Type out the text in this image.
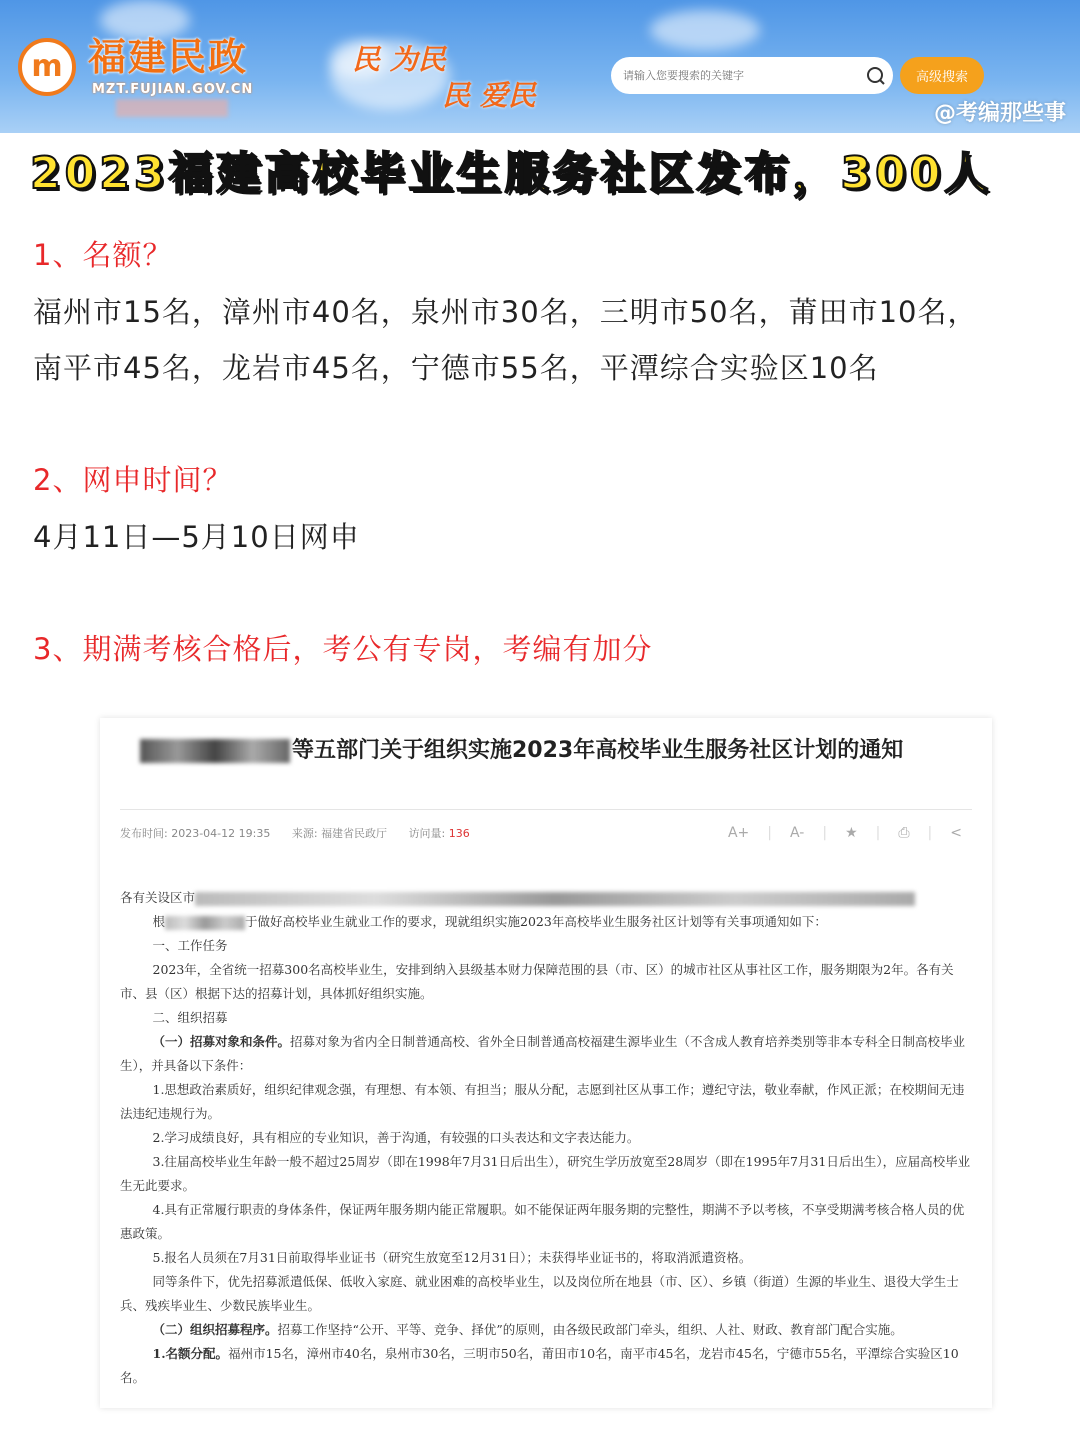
m 福建民政
MZT.FUJIAN.GOV.CN
民 为民
民 爱民
请输入您要搜索的关键字
高级搜索
@考编那些事
2023福建高校毕业生服务社区发布，300人
1、名额？
福州市15名，漳州市40名，泉州市30名，三明市50名，莆田市10名，
南平市45名，龙岩市45名，宁德市55名，平潭综合实验区10名
2、网申时间？
4月11日—5月10日网申
3、期满考核合格后，考公有专岗，考编有加分
等五部门关于组织实施2023年高校毕业生服务社区计划的通知
发布时间: 2023-04-12 19:35 来源: 福建省民政厅 访问量: 136	A+ | A- | ★ | ⎙ | <

各有关设区市

根	于做好高校毕业生就业工作的要求，现就组织实施2023年高校毕业生服务社区计划等有关事项通知如下：

一、工作任务

2023年，全省统一招募300名高校毕业生，安排到纳入县级基本财力保障范围的县（市、区）的城市社区从事社区工作，服务期限为2年。各有关市、县（区）根据下达的招募计划，具体抓好组织实施。

二、组织招募

（一）招募对象和条件。招募对象为省内全日制普通高校、省外全日制普通高校福建生源毕业生（不含成人教育培养类别等非本专科全日制高校毕业生），并具备以下条件：

1.思想政治素质好，组织纪律观念强，有理想、有本领、有担当；服从分配，志愿到社区从事工作；遵纪守法，敬业奉献，作风正派；在校期间无违法违纪违规行为。

2.学习成绩良好，具有相应的专业知识，善于沟通，有较强的口头表达和文字表达能力。

3.往届高校毕业生年龄一般不超过25周岁（即在1998年7月31日后出生），研究生学历放宽至28周岁（即在1995年7月31日后出生），应届高校毕业生无此要求。

4.具有正常履行职责的身体条件，保证两年服务期内能正常履职。如不能保证两年服务期的完整性，期满不予以考核，不享受期满考核合格人员的优惠政策。

5.报名人员须在7月31日前取得毕业证书（研究生放宽至12月31日）；未获得毕业证书的，将取消派遣资格。

同等条件下，优先招募派遣低保、低收入家庭、就业困难的高校毕业生，以及岗位所在地县（市、区）、乡镇（街道）生源的毕业生、退役大学生士兵、残疾毕业生、少数民族毕业生。

（二）组织招募程序。招募工作坚持“公开、平等、竞争、择优”的原则，由各级民政部门牵头，组织、人社、财政、教育部门配合实施。

1.名额分配。福州市15名，漳州市40名，泉州市30名，三明市50名，莆田市10名，南平市45名，龙岩市45名，宁德市55名，平潭综合实验区10名。
